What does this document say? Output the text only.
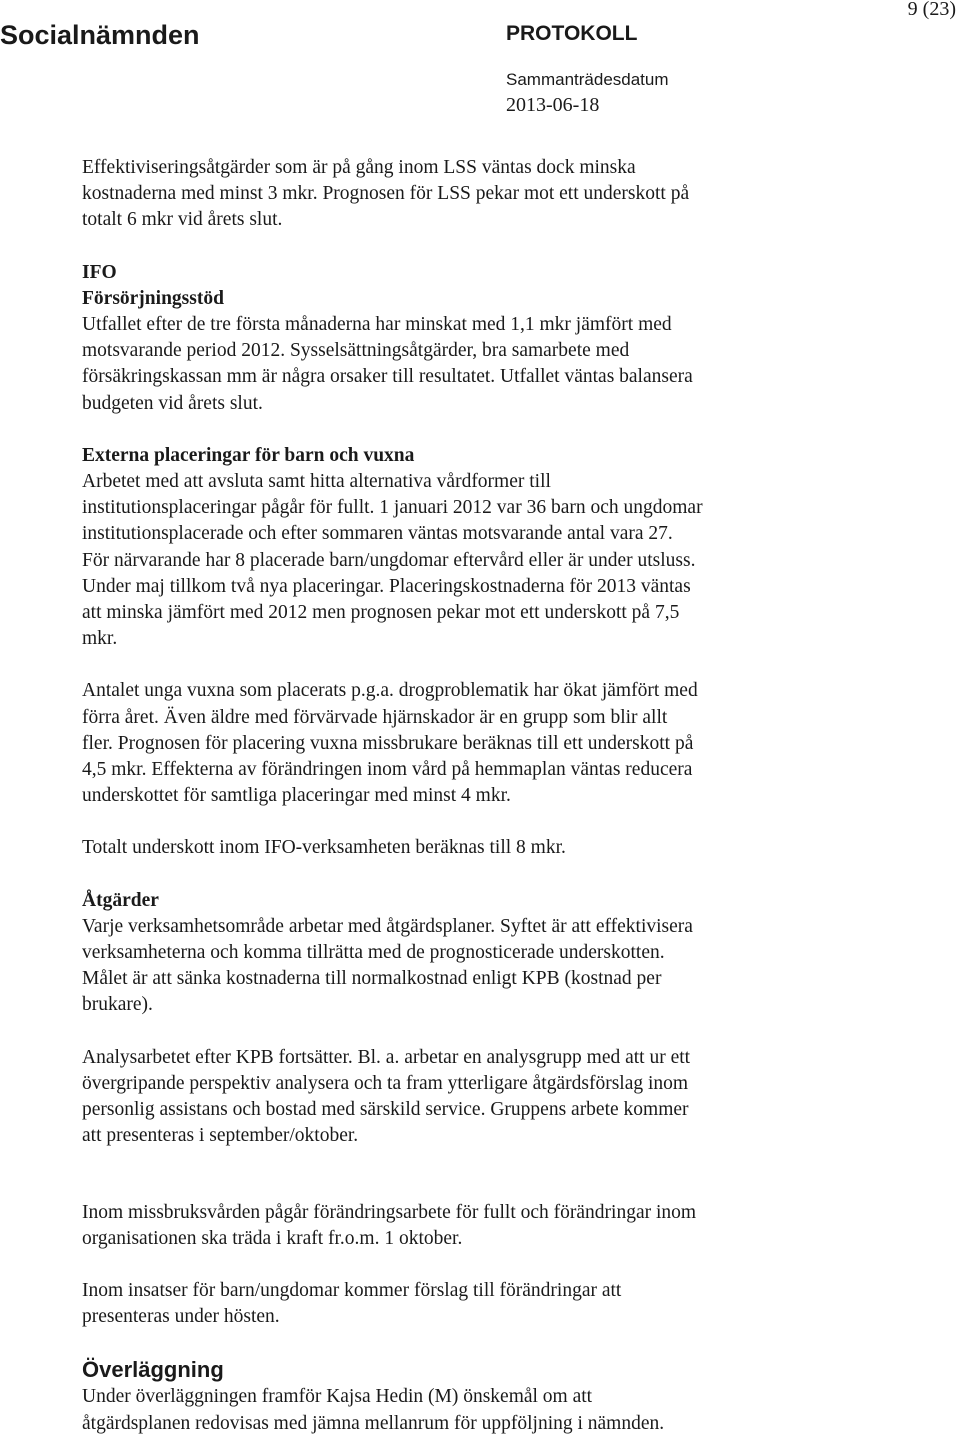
Socialnämnden	PROTOKOLL
Sammanträdesdatum
2013-06-18
9 (23)

Effektiviseringsåtgärder som är på gång inom LSS väntas dock minska
kostnaderna med minst 3 mkr. Prognosen för LSS pekar mot ett underskott på
totalt 6 mkr vid årets slut.

IFO

Försörjningsstöd

Utfallet efter de tre första månaderna har minskat med 1,1 mkr jämfört med
motsvarande period 2012. Sysselsättningsåtgärder, bra samarbete med
försäkringskassan mm är några orsaker till resultatet. Utfallet väntas balansera
budgeten vid årets slut.

Externa placeringar för barn och vuxna

Arbetet med att avsluta samt hitta alternativa vårdformer till
institutionsplaceringar pågår för fullt. 1 januari 2012 var 36 barn och ungdomar
institutionsplacerade och efter sommaren väntas motsvarande antal vara 27.
För närvarande har 8 placerade barn/ungdomar eftervård eller är under utsluss.
Under maj tillkom två nya placeringar. Placeringskostnaderna för 2013 väntas
att minska jämfört med 2012 men prognosen pekar mot ett underskott på 7,5
mkr.

Antalet unga vuxna som placerats p.g.a. drogproblematik har ökat jämfört med
förra året. Även äldre med förvärvade hjärnskador är en grupp som blir allt
fler. Prognosen för placering vuxna missbrukare beräknas till ett underskott på
4,5 mkr. Effekterna av förändringen inom vård på hemmaplan väntas reducera
underskottet för samtliga placeringar med minst 4 mkr.

Totalt underskott inom IFO-verksamheten beräknas till 8 mkr.

Åtgärder

Varje verksamhetsområde arbetar med åtgärdsplaner. Syftet är att effektivisera
verksamheterna och komma tillrätta med de prognosticerade underskotten.
Målet är att sänka kostnaderna till normalkostnad enligt KPB (kostnad per
brukare).

Analysarbetet efter KPB fortsätter. Bl. a. arbetar en analysgrupp med att ur ett
övergripande perspektiv analysera och ta fram ytterligare åtgärdsförslag inom
personlig assistans och bostad med särskild service. Gruppens arbete kommer
att presenteras i september/oktober.

Inom missbruksvården pågår förändringsarbete för fullt och förändringar inom
organisationen ska träda i kraft fr.o.m. 1 oktober.

Inom insatser för barn/ungdomar kommer förslag till förändringar att
presenteras under hösten.

Överläggning

Under överläggningen framför Kajsa Hedin (M) önskemål om att
åtgärdsplanen redovisas med jämna mellanrum för uppföljning i nämnden.
